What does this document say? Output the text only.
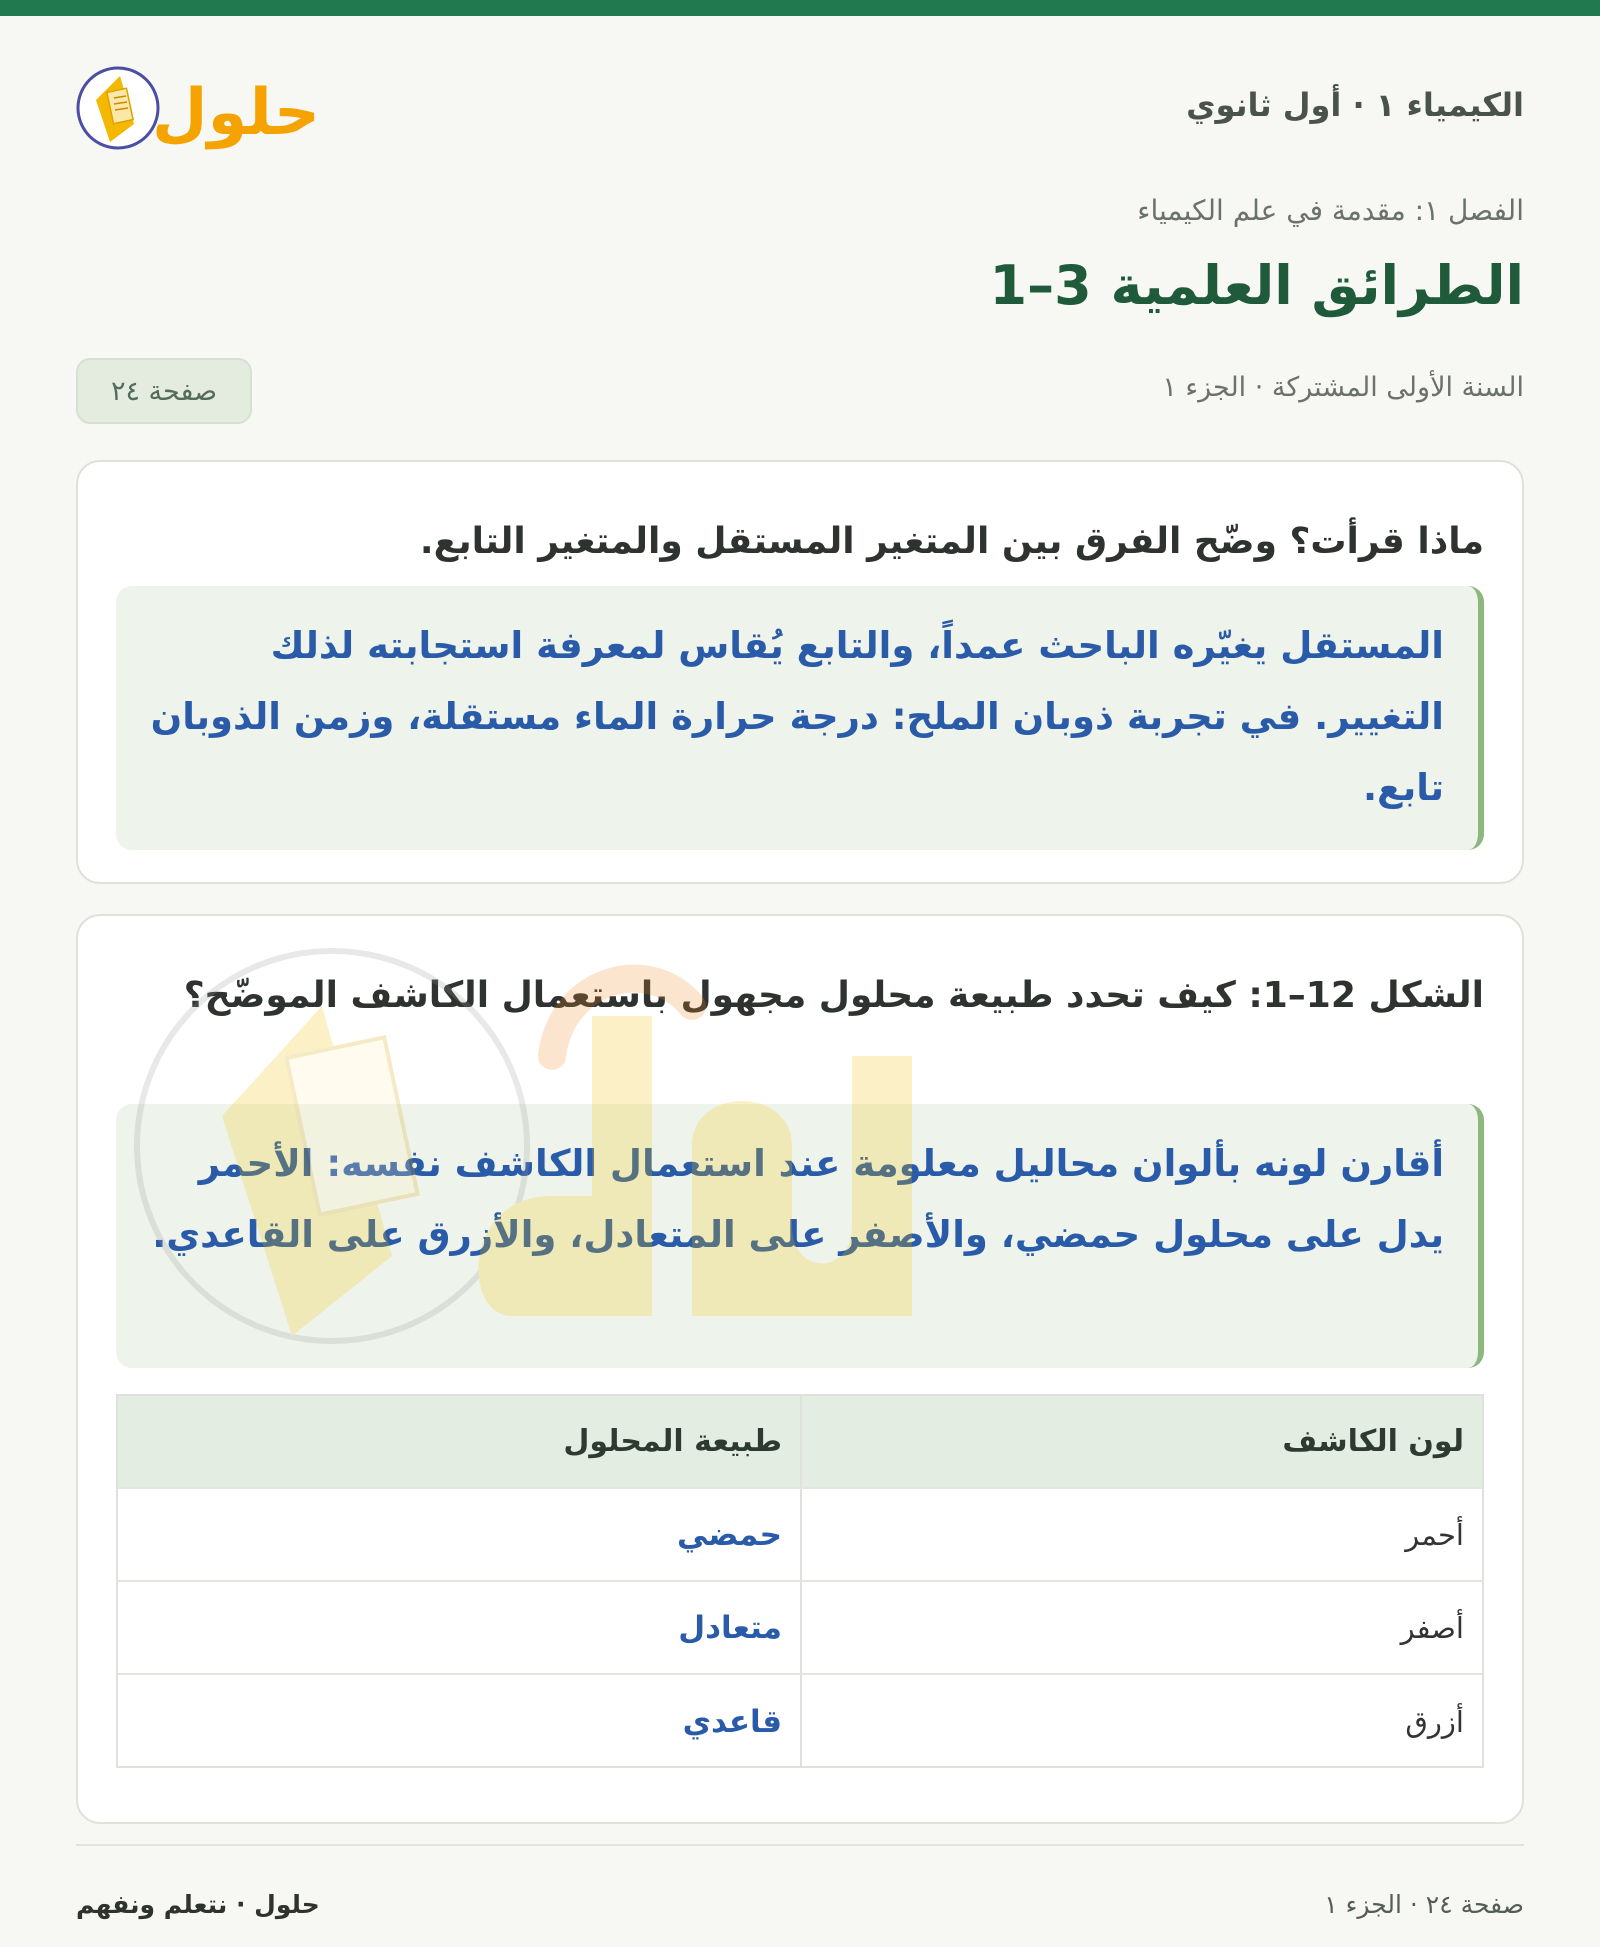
الكيمياء ١ · أول ثانوي
حلول
الفصل ١: مقدمة في علم الكيمياء
1–3 الطرائق العلمية
السنة الأولى المشتركة · الجزء ١
صفحة ٢٤
ماذا قرأت؟ وضّح الفرق بين المتغير المستقل والمتغير التابع.
المستقل يغيّره الباحث عمداً، والتابع يُقاس لمعرفة استجابته لذلك التغيير. في تجربة ذوبان الملح: درجة حرارة الماء مستقلة، وزمن الذوبان تابع.
الشكل 12–1: كيف تحدد طبيعة محلول مجهول باستعمال الكاشف الموضّح؟
أقارن لونه بألوان محاليل معلومة عند استعمال الكاشف نفسه: الأحمر يدل على محلول حمضي، والأصفر على المتعادل، والأزرق على القاعدي.
لون الكاشف
طبيعة المحلول
أحمر
حمضي
أصفر
متعادل
أزرق
قاعدي
صفحة ٢٤ · الجزء ١
حلول · نتعلم ونفهم
